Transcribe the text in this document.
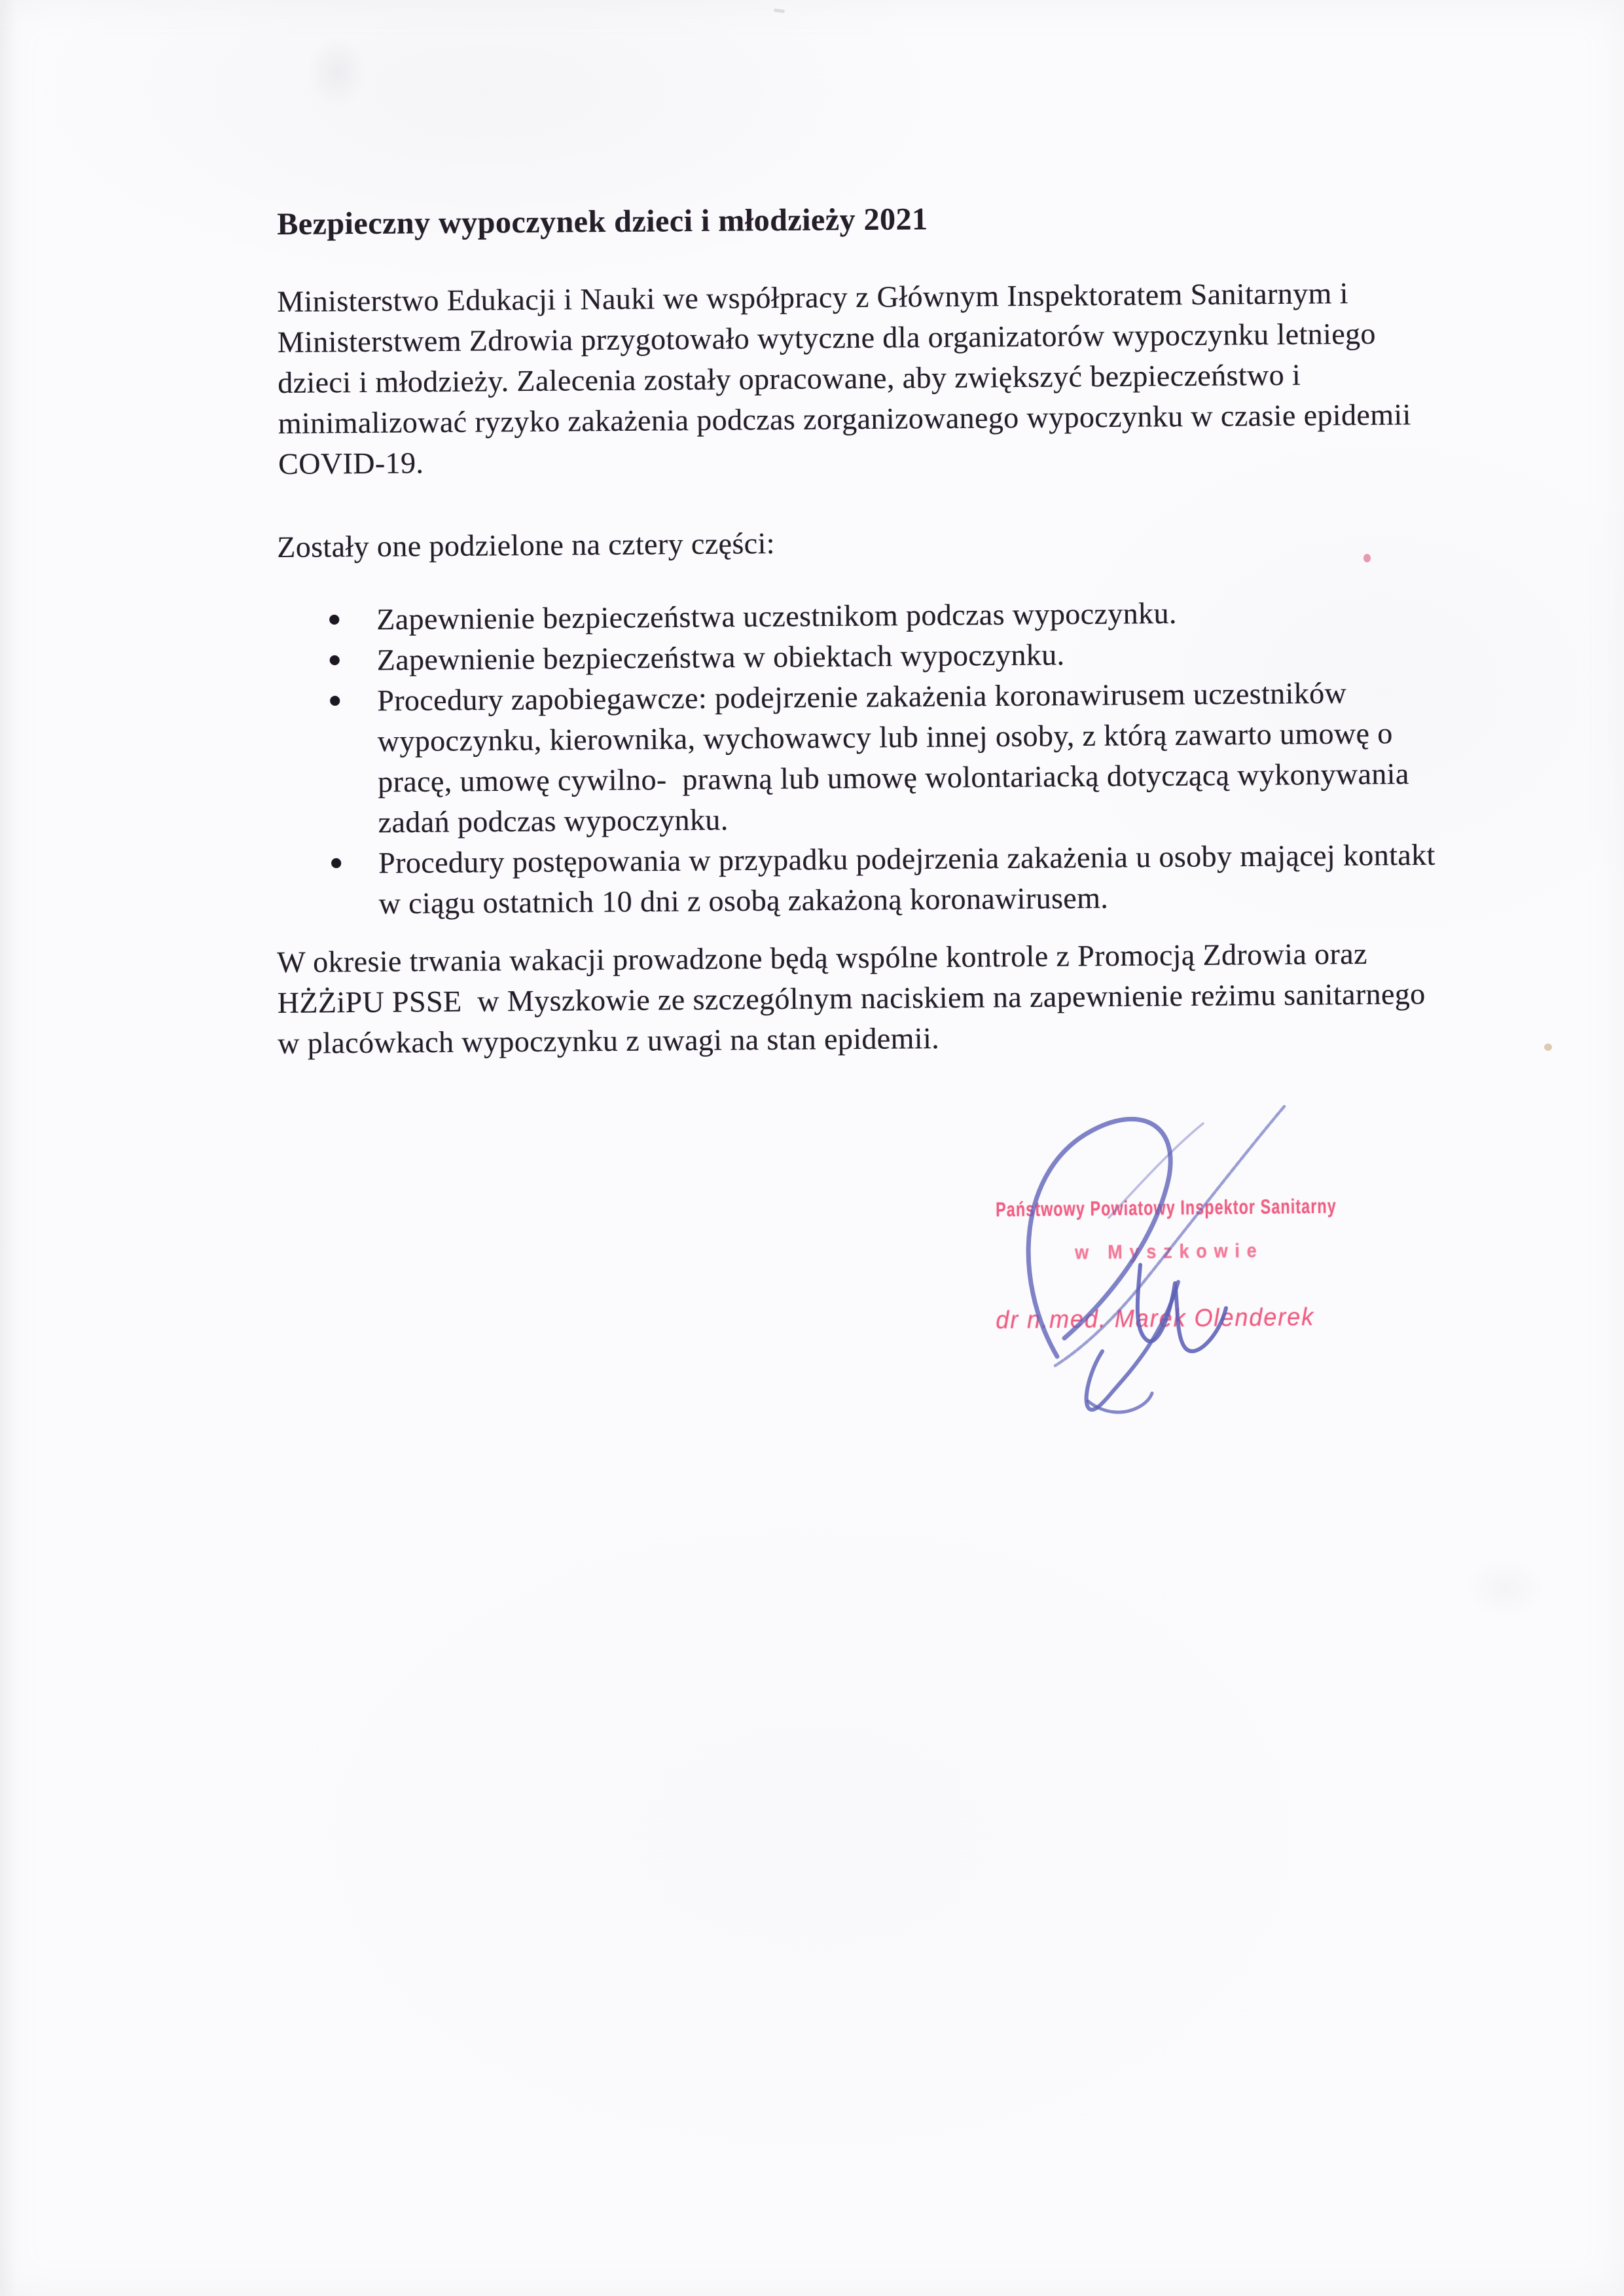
Bezpieczny wypoczynek dzieci i młodzieży 2021
Ministerstwo Edukacji i Nauki we współpracy z Głównym Inspektoratem Sanitarnym i
Ministerstwem Zdrowia przygotowało wytyczne dla organizatorów wypoczynku letniego
dzieci i młodzieży. Zalecenia zostały opracowane, aby zwiększyć bezpieczeństwo i
minimalizować ryzyko zakażenia podczas zorganizowanego wypoczynku w czasie epidemii
COVID-19.
Zostały one podzielone na cztery części:
Zapewnienie bezpieczeństwa uczestnikom podczas wypoczynku.
Zapewnienie bezpieczeństwa w obiektach wypoczynku.
Procedury zapobiegawcze: podejrzenie zakażenia koronawirusem uczestników
wypoczynku, kierownika, wychowawcy lub innej osoby, z którą zawarto umowę o
pracę, umowę cywilno-  prawną lub umowę wolontariacką dotyczącą wykonywania
zadań podczas wypoczynku.
Procedury postępowania w przypadku podejrzenia zakażenia u osoby mającej kontakt
w ciągu ostatnich 10 dni z osobą zakażoną koronawirusem.
W okresie trwania wakacji prowadzone będą wspólne kontrole z Promocją Zdrowia oraz
HŻŻiPU PSSE  w Myszkowie ze szczególnym naciskiem na zapewnienie reżimu sanitarnego
w placówkach wypoczynku z uwagi na stan epidemii.
Państwowy Powiatowy Inspektor Sanitarny
w Myszkowie
dr n.med. Marek Olenderek
